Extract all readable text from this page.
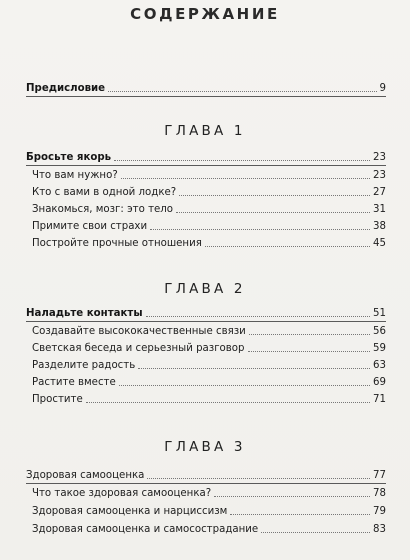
СОДЕРЖАНИЕ
Предисловие	9
ГЛАВА 1
Бросьте якорь	23
Что вам нужно?	23
Кто с вами в одной лодке?	27
Знакомься, мозг: это тело	31
Примите свои страхи	38
Постройте прочные отношения	45
ГЛАВА 2
Наладьте контакты	51
Создавайте высококачественные связи	56
Светская беседа и серьезный разговор	59
Разделите радость	63
Растите вместе	69
Простите	71
ГЛАВА 3
Здоровая самооценка	77
Что такое здоровая самооценка?	78
Здоровая самооценка и нарциссизм	79
Здоровая самооценка и самосострадание	83
